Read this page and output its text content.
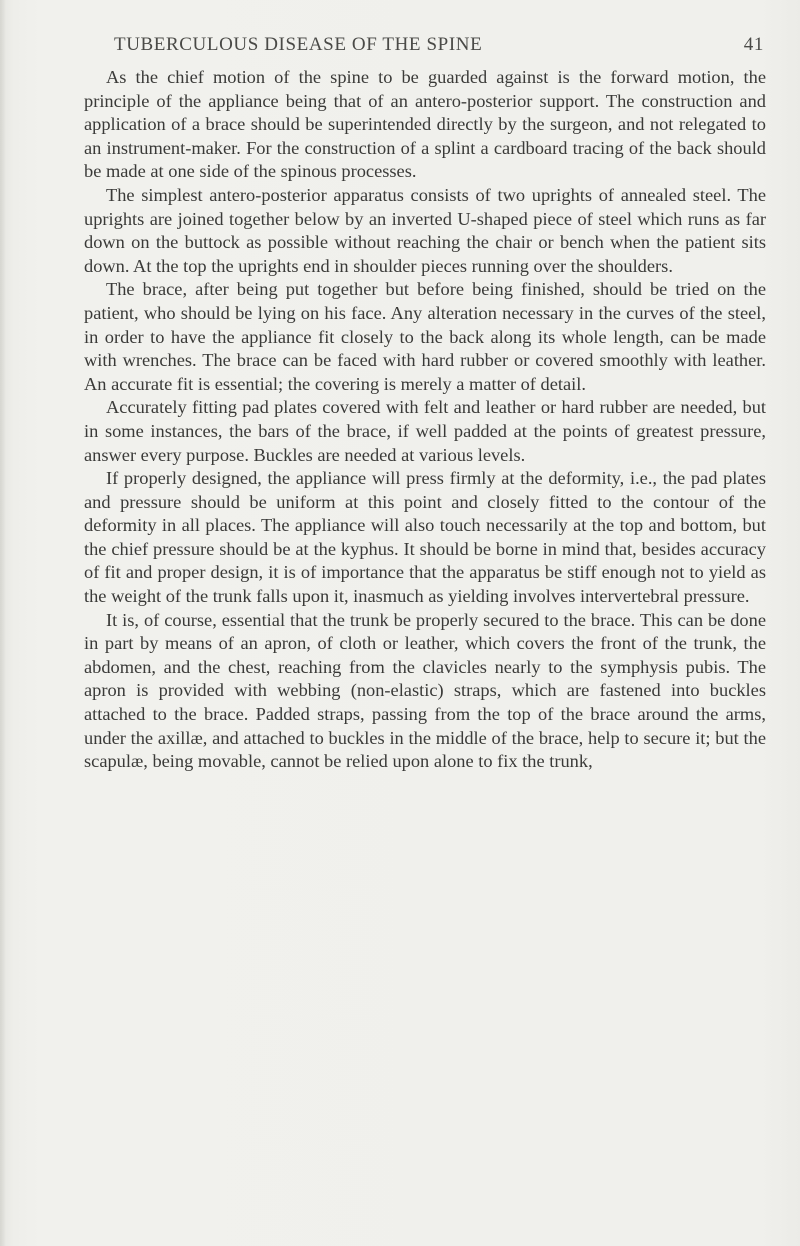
TUBERCULOUS DISEASE OF THE SPINE	41

As the chief motion of the spine to be guarded against is the forward motion, the principle of the appliance being that of an antero-posterior support. The construction and application of a brace should be superintended directly by the surgeon, and not relegated to an instrument-maker. For the construction of a splint a cardboard tracing of the back should be made at one side of the spinous processes.

The simplest antero-posterior apparatus consists of two uprights of annealed steel. The uprights are joined together below by an inverted U-shaped piece of steel which runs as far down on the buttock as possible without reaching the chair or bench when the patient sits down. At the top the uprights end in shoulder pieces running over the shoulders.

The brace, after being put together but before being finished, should be tried on the patient, who should be lying on his face. Any alteration necessary in the curves of the steel, in order to have the appliance fit closely to the back along its whole length, can be made with wrenches. The brace can be faced with hard rubber or covered smoothly with leather. An accurate fit is essential; the covering is merely a matter of detail.

Accurately fitting pad plates covered with felt and leather or hard rubber are needed, but in some instances, the bars of the brace, if well padded at the points of greatest pressure, answer every purpose. Buckles are needed at various levels.

If properly designed, the appliance will press firmly at the deformity, i.e., the pad plates and pressure should be uniform at this point and closely fitted to the contour of the deformity in all places. The appliance will also touch necessarily at the top and bottom, but the chief pressure should be at the kyphus. It should be borne in mind that, besides accuracy of fit and proper design, it is of importance that the apparatus be stiff enough not to yield as the weight of the trunk falls upon it, inasmuch as yielding involves intervertebral pressure.

It is, of course, essential that the trunk be properly secured to the brace. This can be done in part by means of an apron, of cloth or leather, which covers the front of the trunk, the abdomen, and the chest, reaching from the clavicles nearly to the symphysis pubis. The apron is provided with webbing (non-elastic) straps, which are fastened into buckles attached to the brace. Padded straps, passing from the top of the brace around the arms, under the axillæ, and attached to buckles in the middle of the brace, help to secure it; but the scapulæ, being movable, cannot be relied upon alone to fix the trunk,
